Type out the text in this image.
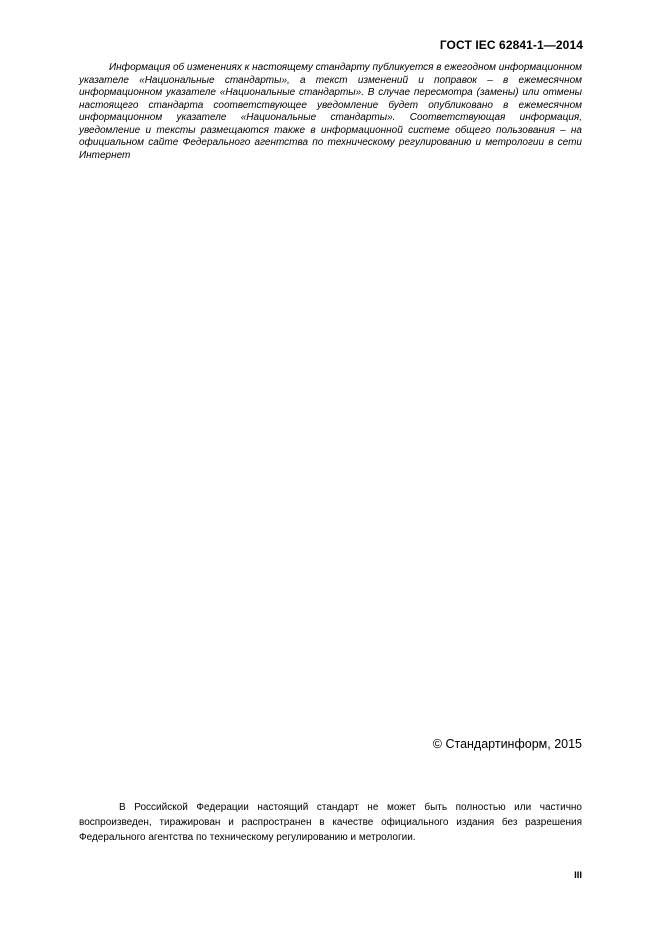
ГОСТ IEC 62841-1—2014

Информация об изменениях к настоящему стандарту публикуется в ежегодном информационном указателе «Национальные стандарты», а текст изменений и поправок – в ежемесячном информационном указателе «Национальные стандарты». В случае пересмотра (замены) или отмены настоящего стандарта соответствующее уведомление будет опубликовано в ежемесячном информационном указателе «Национальные стандарты». Соответствующая информация, уведомление и тексты размещаются также в информационной системе общего пользования – на официальном сайте Федерального агентства по техническому регулированию и метрологии в сети Интернет

© Стандартинформ, 2015

В Российской Федерации настоящий стандарт не может быть полностью или частично воспроизведен, тиражирован и распространен в качестве официального издания без разрешения Федерального агентства по техническому регулированию и метрологии.

III
